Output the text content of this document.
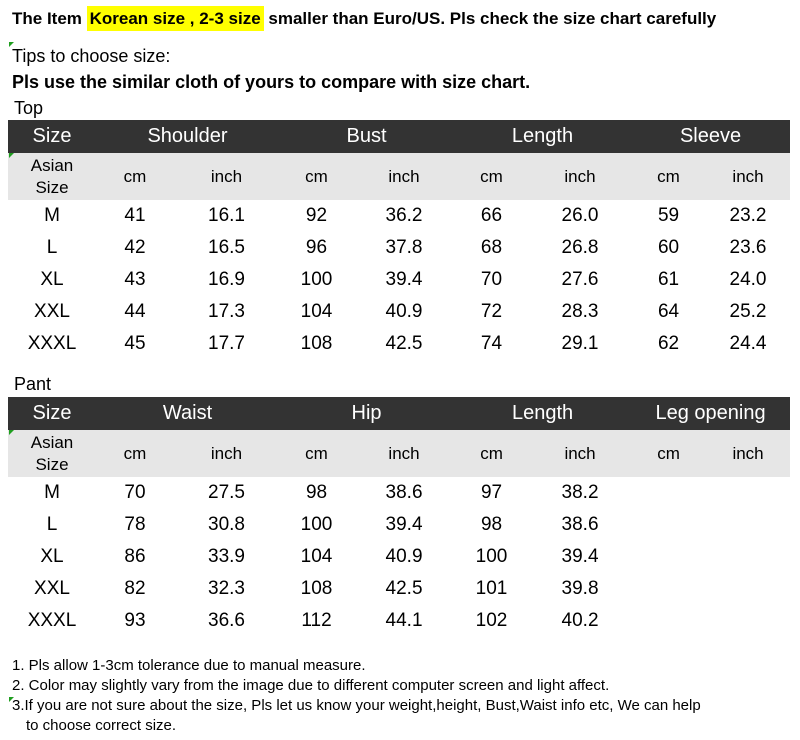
The Item Korean size , 2-3 size smaller than Euro/US. Pls check the size chart carefully
Tips to choose size:
Pls use the similar cloth of yours to compare with size chart.
Top
Size	Shoulder		Bust		Length		Sleeve	

Asian
Size	cm	inch	cm	inch	cm	inch	cm	inch
M	41	16.1	92	36.2	66	26.0	59	23.2
L	42	16.5	96	37.8	68	26.8	60	23.6
XL	43	16.9	100	39.4	70	27.6	61	24.0
XXL	44	17.3	104	40.9	72	28.3	64	25.2
XXXL	45	17.7	108	42.5	74	29.1	62	24.4
Pant
Size	Waist		Hip		Length		Leg opening	

Asian
Size	cm	inch	cm	inch	cm	inch	cm	inch
M	70	27.5	98	38.6	97	38.2		
L	78	30.8	100	39.4	98	38.6		
XL	86	33.9	104	40.9	100	39.4		
XXL	82	32.3	108	42.5	101	39.8		
XXXL	93	36.6	112	44.1	102	40.2		
1. Pls allow 1-3cm tolerance due to manual measure.
2. Color may slightly vary from the image due to different computer screen and light affect.
3.If you are not sure about the size, Pls let us know your weight,height, Bust,Waist info etc, We can help
to choose correct size.
